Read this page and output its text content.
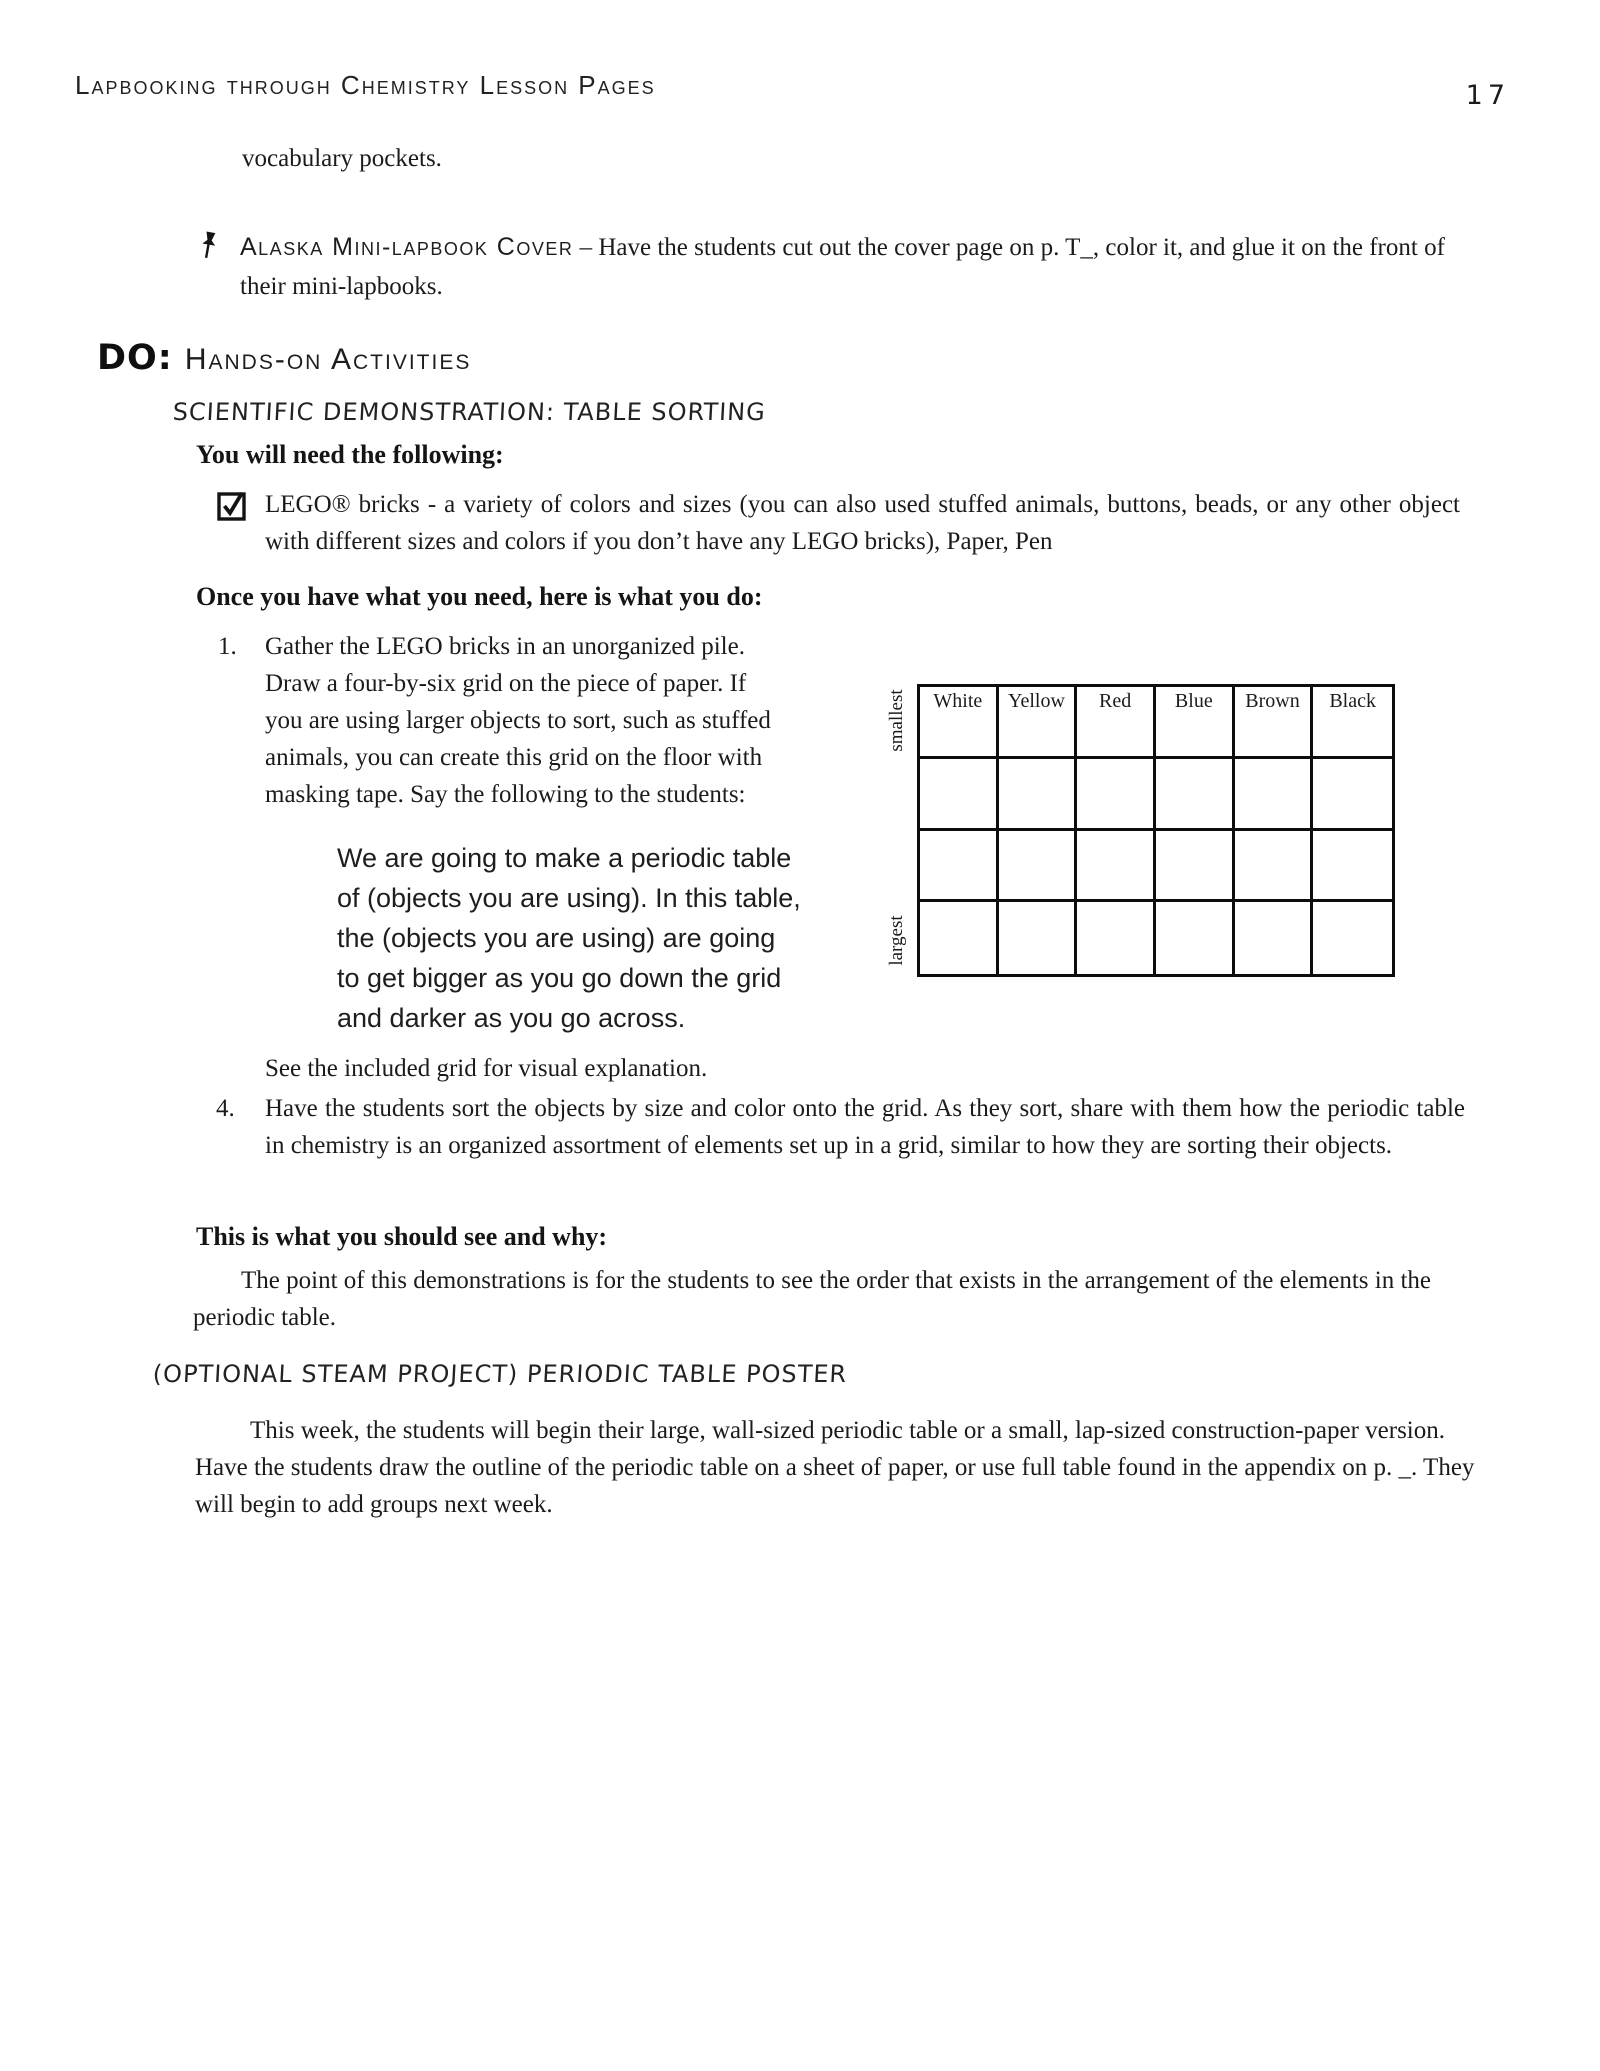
Lapbooking through Chemistry Lesson Pages	17
vocabulary pockets.
Alaska Mini-lapbook Cover – Have the students cut out the cover page on p. T_, color it, and glue it on the front of their mini-lapbooks.
DO: Hands-on Activities
SCIENTIFIC DEMONSTRATION: TABLE SORTING
You will need the following:
LEGO® bricks - a variety of colors and sizes (you can also used stuffed animals, buttons, beads, or any other object with different sizes and colors if you don’t have any LEGO bricks), Paper, Pen
Once you have what you need, here is what you do:
1. Gather the LEGO bricks in an unorganized pile.
Draw a four-by-six grid on the piece of paper. If
you are using larger objects to sort, such as stuffed
animals, you can create this grid on the floor with
masking tape. Say the following to the students:
We are going to make a periodic table
of (objects you are using). In this table,
the (objects you are using) are going
to get bigger as you go down the grid
and darker as you go across.
smallest
largest
White	Yellow	Red	Blue	Brown	Black
See the included grid for visual explanation.
4. Have the students sort the objects by size and color onto the grid. As they sort, share with them how the periodic table in chemistry is an organized assortment of elements set up in a grid, similar to how they are sorting their objects.
This is what you should see and why:
The point of this demonstrations is for the students to see the order that exists in the arrangement of the elements in the periodic table.
(OPTIONAL STEAM PROJECT) PERIODIC TABLE POSTER
This week, the students will begin their large, wall-sized periodic table or a small, lap-sized construction-paper version. Have the students draw the outline of the periodic table on a sheet of paper, or use full table found in the appendix on p. _. They will begin to add groups next week.
